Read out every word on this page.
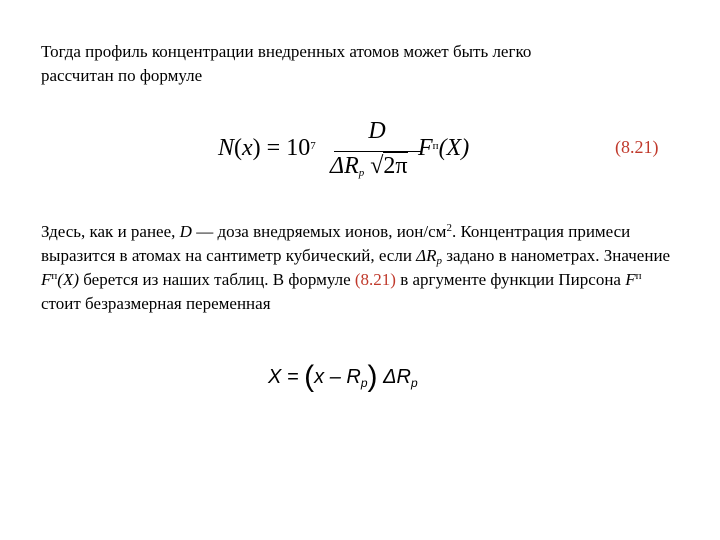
Тогда профиль концентрации внедренных атомов может быть легко
рассчитан по формуле
$N(x) = 10^7$
D
$\Delta R_p$ √2π
$F^п(X)$	(8.21)
Здесь, как и ранее, D — доза внедряемых ионов, ион/$см^2$. Концентрация примеси выразится в атомах на сантиметр кубический, если $\Delta R_p$ задано в нанометрах. Значение $F^п(X)$ берется из наших таблиц. В формуле (8.21) в аргументе функции Пирсона $F^п$ стоит безразмерная переменная
$X = (x - R_p)$ $\Delta R_p$
